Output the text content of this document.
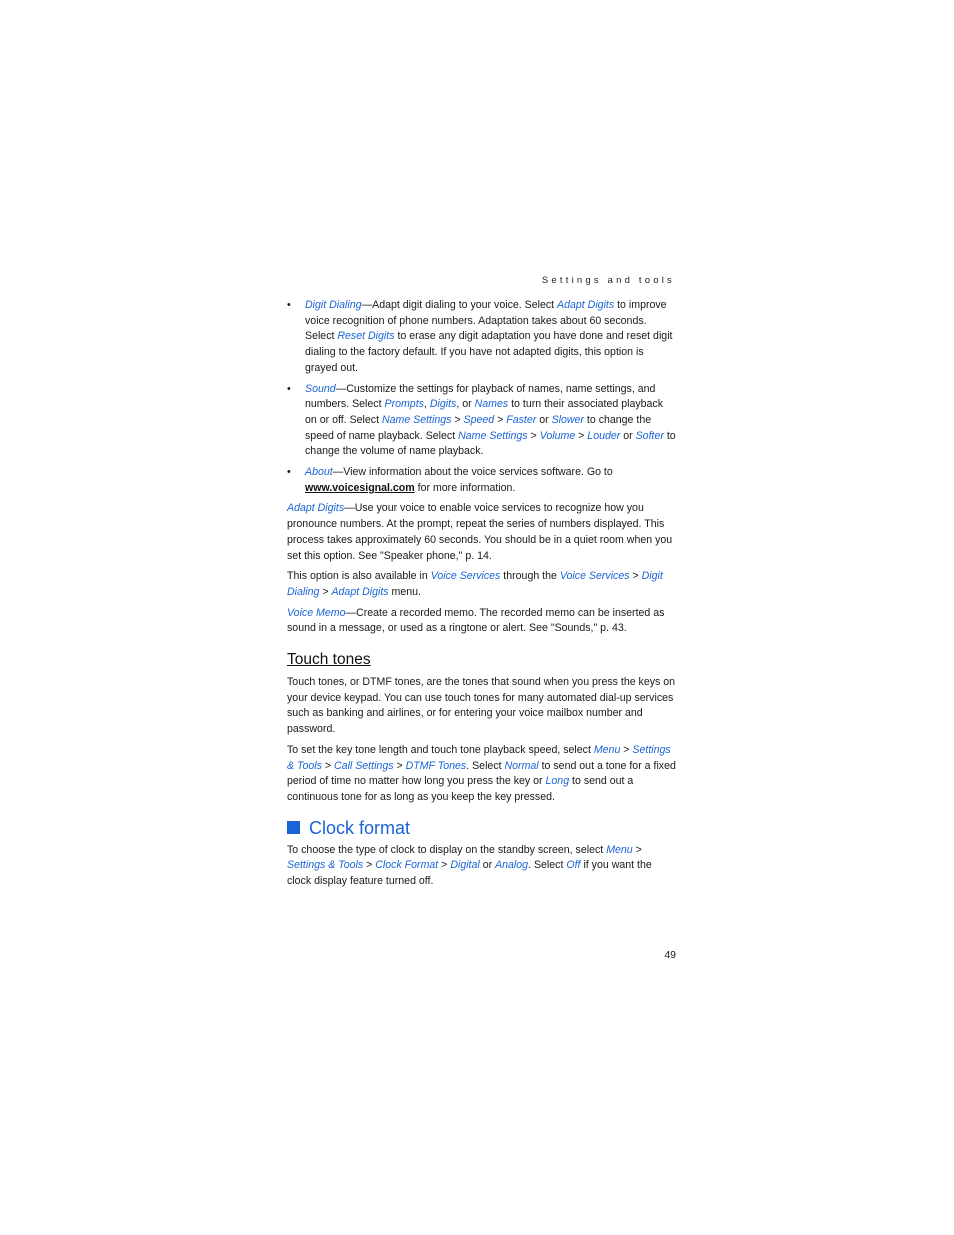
Settings and tools
• Digit Dialing—Adapt digit dialing to your voice. Select Adapt Digits to improve voice recognition of phone numbers. Adaptation takes about 60 seconds. Select Reset Digits to erase any digit adaptation you have done and reset digit dialing to the factory default. If you have not adapted digits, this option is grayed out.
• Sound—Customize the settings for playback of names, name settings, and numbers. Select Prompts, Digits, or Names to turn their associated playback on or off. Select Name Settings > Speed > Faster or Slower to change the speed of name playback. Select Name Settings > Volume > Louder or Softer to change the volume of name playback.
• About—View information about the voice services software. Go to
www.voicesignal.com for more information.

Adapt Digits—Use your voice to enable voice services to recognize how you pronounce numbers. At the prompt, repeat the series of numbers displayed. This process takes approximately 60 seconds. You should be in a quiet room when you set this option. See "Speaker phone," p. 14.

This option is also available in Voice Services through the Voice Services > Digit Dialing > Adapt Digits menu.

Voice Memo—Create a recorded memo. The recorded memo can be inserted as sound in a message, or used as a ringtone or alert. See "Sounds," p. 43.

Touch tones

Touch tones, or DTMF tones, are the tones that sound when you press the keys on your device keypad. You can use touch tones for many automated dial-up services such as banking and airlines, or for entering your voice mailbox number and password.

To set the key tone length and touch tone playback speed, select Menu > Settings & Tools > Call Settings > DTMF Tones. Select Normal to send out a tone for a fixed period of time no matter how long you press the key or Long to send out a continuous tone for as long as you keep the key pressed.

Clock format

To choose the type of clock to display on the standby screen, select Menu > Settings & Tools > Clock Format > Digital or Analog. Select Off if you want the clock display feature turned off.

49
